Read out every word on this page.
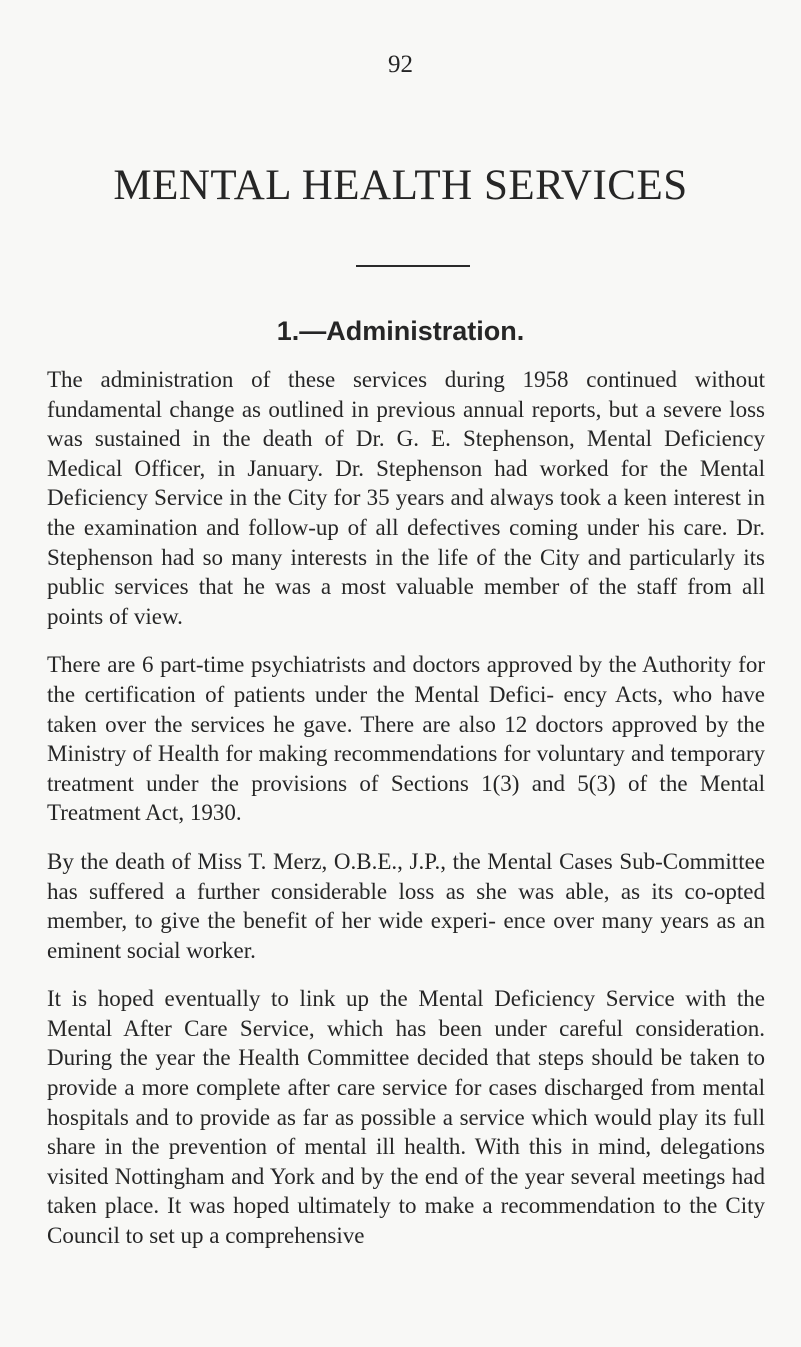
92
MENTAL HEALTH SERVICES
1.—Administration.

The administration of these services during 1958 continued without fundamental change as outlined in previous annual reports, but a severe loss was sustained in the death of Dr. G. E. Stephenson, Mental Deficiency Medical Officer, in January. Dr. Stephenson had worked for the Mental Deficiency Service in the City for 35 years and always took a keen interest in the examination and follow-up of all defectives coming under his care. Dr. Stephenson had so many interests in the life of the City and particularly its public services that he was a most valuable member of the staff from all points of view.

There are 6 part-time psychiatrists and doctors approved by the Authority for the certification of patients under the Mental Defici- ency Acts, who have taken over the services he gave. There are also 12 doctors approved by the Ministry of Health for making recommendations for voluntary and temporary treatment under the provisions of Sections 1(3) and 5(3) of the Mental Treatment Act, 1930.

By the death of Miss T. Merz, O.B.E., J.P., the Mental Cases Sub-Committee has suffered a further considerable loss as she was able, as its co-opted member, to give the benefit of her wide experi- ence over many years as an eminent social worker.

It is hoped eventually to link up the Mental Deficiency Service with the Mental After Care Service, which has been under careful consideration. During the year the Health Committee decided that steps should be taken to provide a more complete after care service for cases discharged from mental hospitals and to provide as far as possible a service which would play its full share in the prevention of mental ill health. With this in mind, delegations visited Nottingham and York and by the end of the year several meetings had taken place. It was hoped ultimately to make a recommendation to the City Council to set up a comprehensive
